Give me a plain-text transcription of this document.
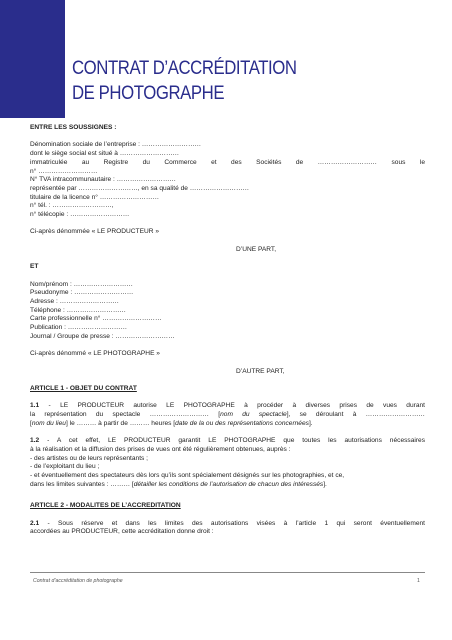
CONTRAT D’ACCRÉDITATION
DE PHOTOGRAPHE

ENTRE LES SOUSSIGNES :

Dénomination sociale de l’entreprise : ………………………

dont le siège social est situé à ………………………

immatriculée au Registre du Commerce et des Sociétés de ……………………… sous le

n° ………………………

N° TVA intracommunautaire : ………………………

représentée par ………………………, en sa qualité de ………………………

titulaire de la licence n° ………………………

n° tél. : ………………………,

n° télécopie : ………………………

Ci-après dénommée « LE PRODUCTEUR »

D’UNE PART,

ET

Nom/prénom : ………………………

Pseudonyme : ………………………

Adresse : ………………………

Téléphone : ………………………

Carte professionnelle n° ………………………

Publication : ………………………

Journal / Groupe de presse : ………………………

Ci-après dénommé « LE PHOTOGRAPHE »

D’AUTRE PART,

ARTICLE 1 - OBJET DU CONTRAT

1.1 - LE PRODUCTEUR autorise LE PHOTOGRAPHE à procéder à diverses prises de vues durant

la représentation du spectacle ……………………… [nom du spectacle], se déroulant à ………………………

[nom du lieu] le ……… à partir de ……… heures [date de la ou des représentations concernées].

1.2 - A cet effet, LE PRODUCTEUR garantit LE PHOTOGRAPHE que toutes les autorisations nécessaires

à la réalisation et la diffusion des prises de vues ont été régulièrement obtenues, auprès :

- des artistes ou de leurs représentants ;

- de l’exploitant du lieu ;

- et éventuellement des spectateurs dès lors qu’ils sont spécialement désignés sur les photographies, et ce,

dans les limites suivantes : ……… [détailler les conditions de l’autorisation de chacun des intéressés].

ARTICLE 2 - MODALITES DE L’ACCREDITATION

2.1 - Sous réserve et dans les limites des autorisations visées à l’article 1 qui seront éventuellement

accordées au PRODUCTEUR, cette accréditation donne droit :

Contrat d’accréditation de photographe	1
